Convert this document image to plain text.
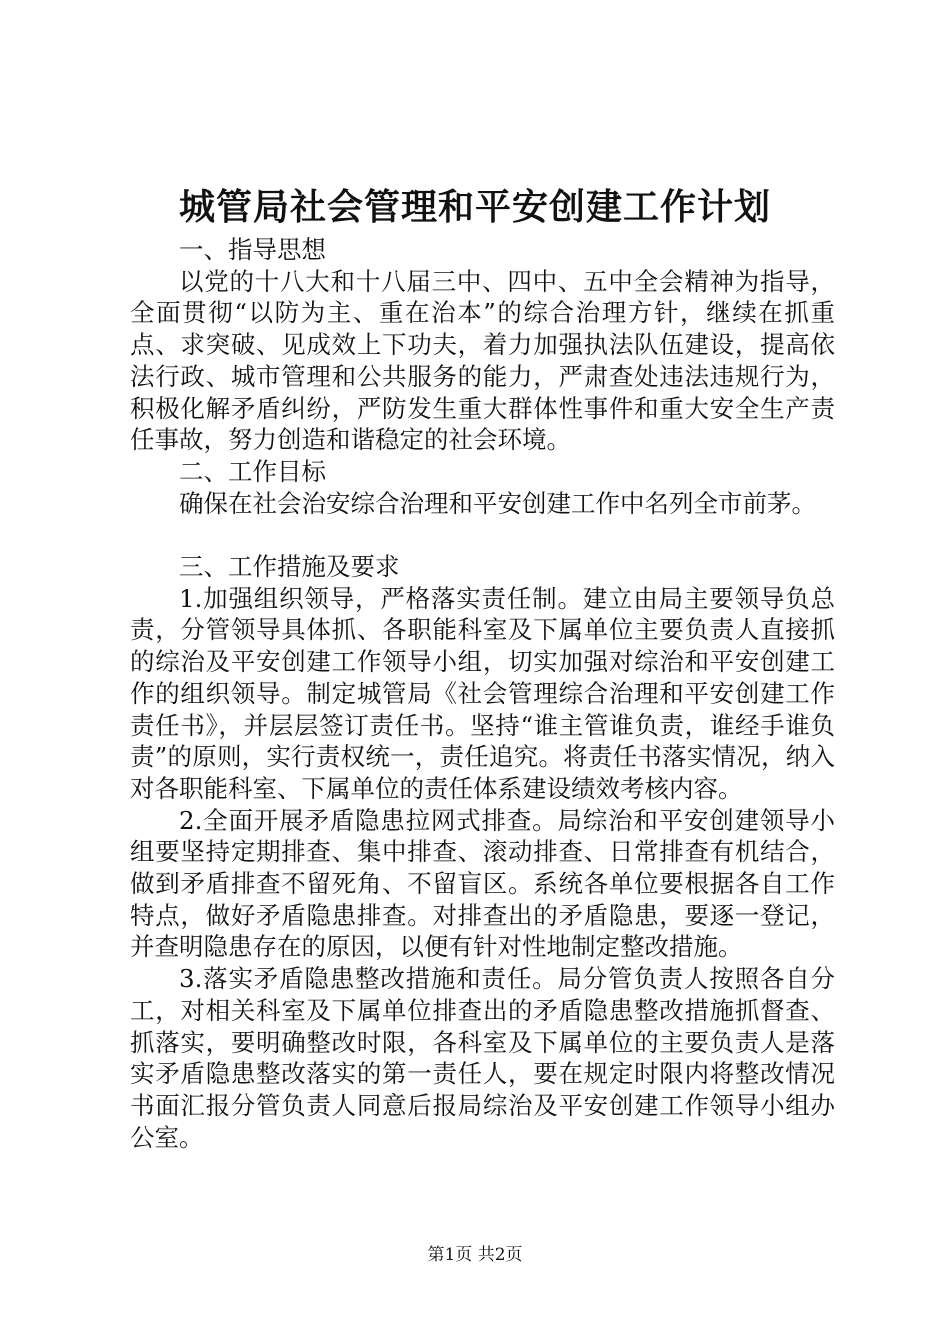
城管局社会管理和平安创建工作计划

一、指导思想

以党的十八大和十八届三中、四中、五中全会精神为指导，全面贯彻“以防为主、重在治本”的综合治理方针，继续在抓重点、求突破、见成效上下功夫，着力加强执法队伍建设，提高依法行政、城市管理和公共服务的能力，严肃查处违法违规行为，积极化解矛盾纠纷，严防发生重大群体性事件和重大安全生产责任事故，努力创造和谐稳定的社会环境。

二、工作目标

确保在社会治安综合治理和平安创建工作中名列全市前茅。

三、工作措施及要求

1.加强组织领导，严格落实责任制。建立由局主要领导负总责，分管领导具体抓、各职能科室及下属单位主要负责人直接抓的综治及平安创建工作领导小组，切实加强对综治和平安创建工作的组织领导。制定城管局《社会管理综合治理和平安创建工作责任书》，并层层签订责任书。坚持“谁主管谁负责，谁经手谁负责”的原则，实行责权统一，责任追究。将责任书落实情况，纳入对各职能科室、下属单位的责任体系建设绩效考核内容。

2.全面开展矛盾隐患拉网式排查。局综治和平安创建领导小组要坚持定期排查、集中排查、滚动排查、日常排查有机结合，做到矛盾排查不留死角、不留盲区。系统各单位要根据各自工作特点，做好矛盾隐患排查。对排查出的矛盾隐患，要逐一登记，并查明隐患存在的原因，以便有针对性地制定整改措施。

3.落实矛盾隐患整改措施和责任。局分管负责人按照各自分工，对相关科室及下属单位排查出的矛盾隐患整改措施抓督查、抓落实，要明确整改时限，各科室及下属单位的主要负责人是落实矛盾隐患整改落实的第一责任人，要在规定时限内将整改情况书面汇报分管负责人同意后报局综治及平安创建工作领导小组办公室。

第1页 共2页
